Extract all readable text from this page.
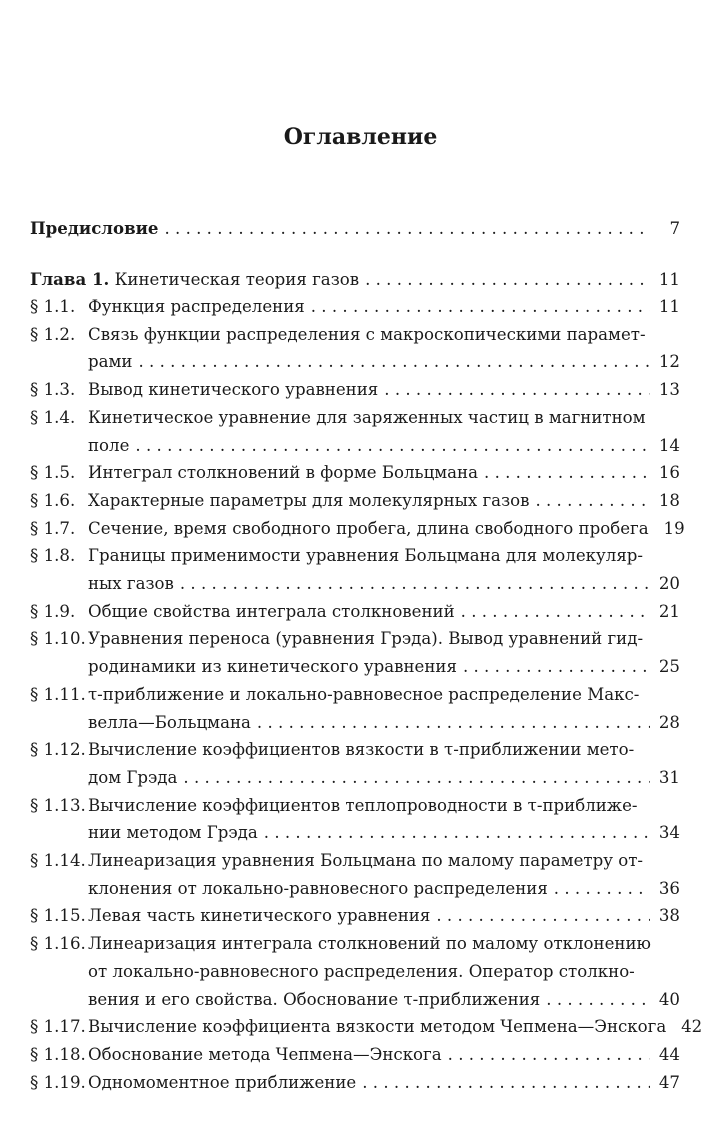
Оглавление
Предисловие . . .	7
Глава 1. Кинетическая теория газов . . .	11
§ 1.1. Функция распределения . . .	11
§ 1.2. Связь функции распределения с макроскопическими парамет-
рами . . .	12
§ 1.3. Вывод кинетического уравнения . . .	13
§ 1.4. Кинетическое уравнение для заряженных частиц в магнитном
поле . . .	14
§ 1.5. Интеграл столкновений в форме Больцмана . . .	16
§ 1.6. Характерные параметры для молекулярных газов . . .	18
§ 1.7. Сечение, время свободного пробега, длина свободного пробега 19
§ 1.8. Границы применимости уравнения Больцмана для молекуляр-
ных газов . . .	20
§ 1.9. Общие свойства интеграла столкновений . . .	21
§ 1.10. Уравнения переноса (уравнения Грэда). Вывод уравнений гид-
родинамики из кинетического уравнения . . .	25
§ 1.11. τ-приближение и локально-равновесное распределение Макс-
велла—Больцмана . . .	28
§ 1.12. Вычисление коэффициентов вязкости в τ-приближении мето-
дом Грэда . . .	31
§ 1.13. Вычисление коэффициентов теплопроводности в τ-приближе-
нии методом Грэда . . .	34
§ 1.14. Линеаризация уравнения Больцмана по малому параметру от-
клонения от локально-равновесного распределения . . .	36
§ 1.15. Левая часть кинетического уравнения . . .	38
§ 1.16. Линеаризация интеграла столкновений по малому отклонению
от локально-равновесного распределения. Оператор столкно-
вения и его свойства. Обоснование τ-приближения . . .	40
§ 1.17. Вычисление коэффициента вязкости методом Чепмена—Энскога 42
§ 1.18. Обоснование метода Чепмена—Энскога . . .	44
§ 1.19. Одномоментное приближение . . .	47
